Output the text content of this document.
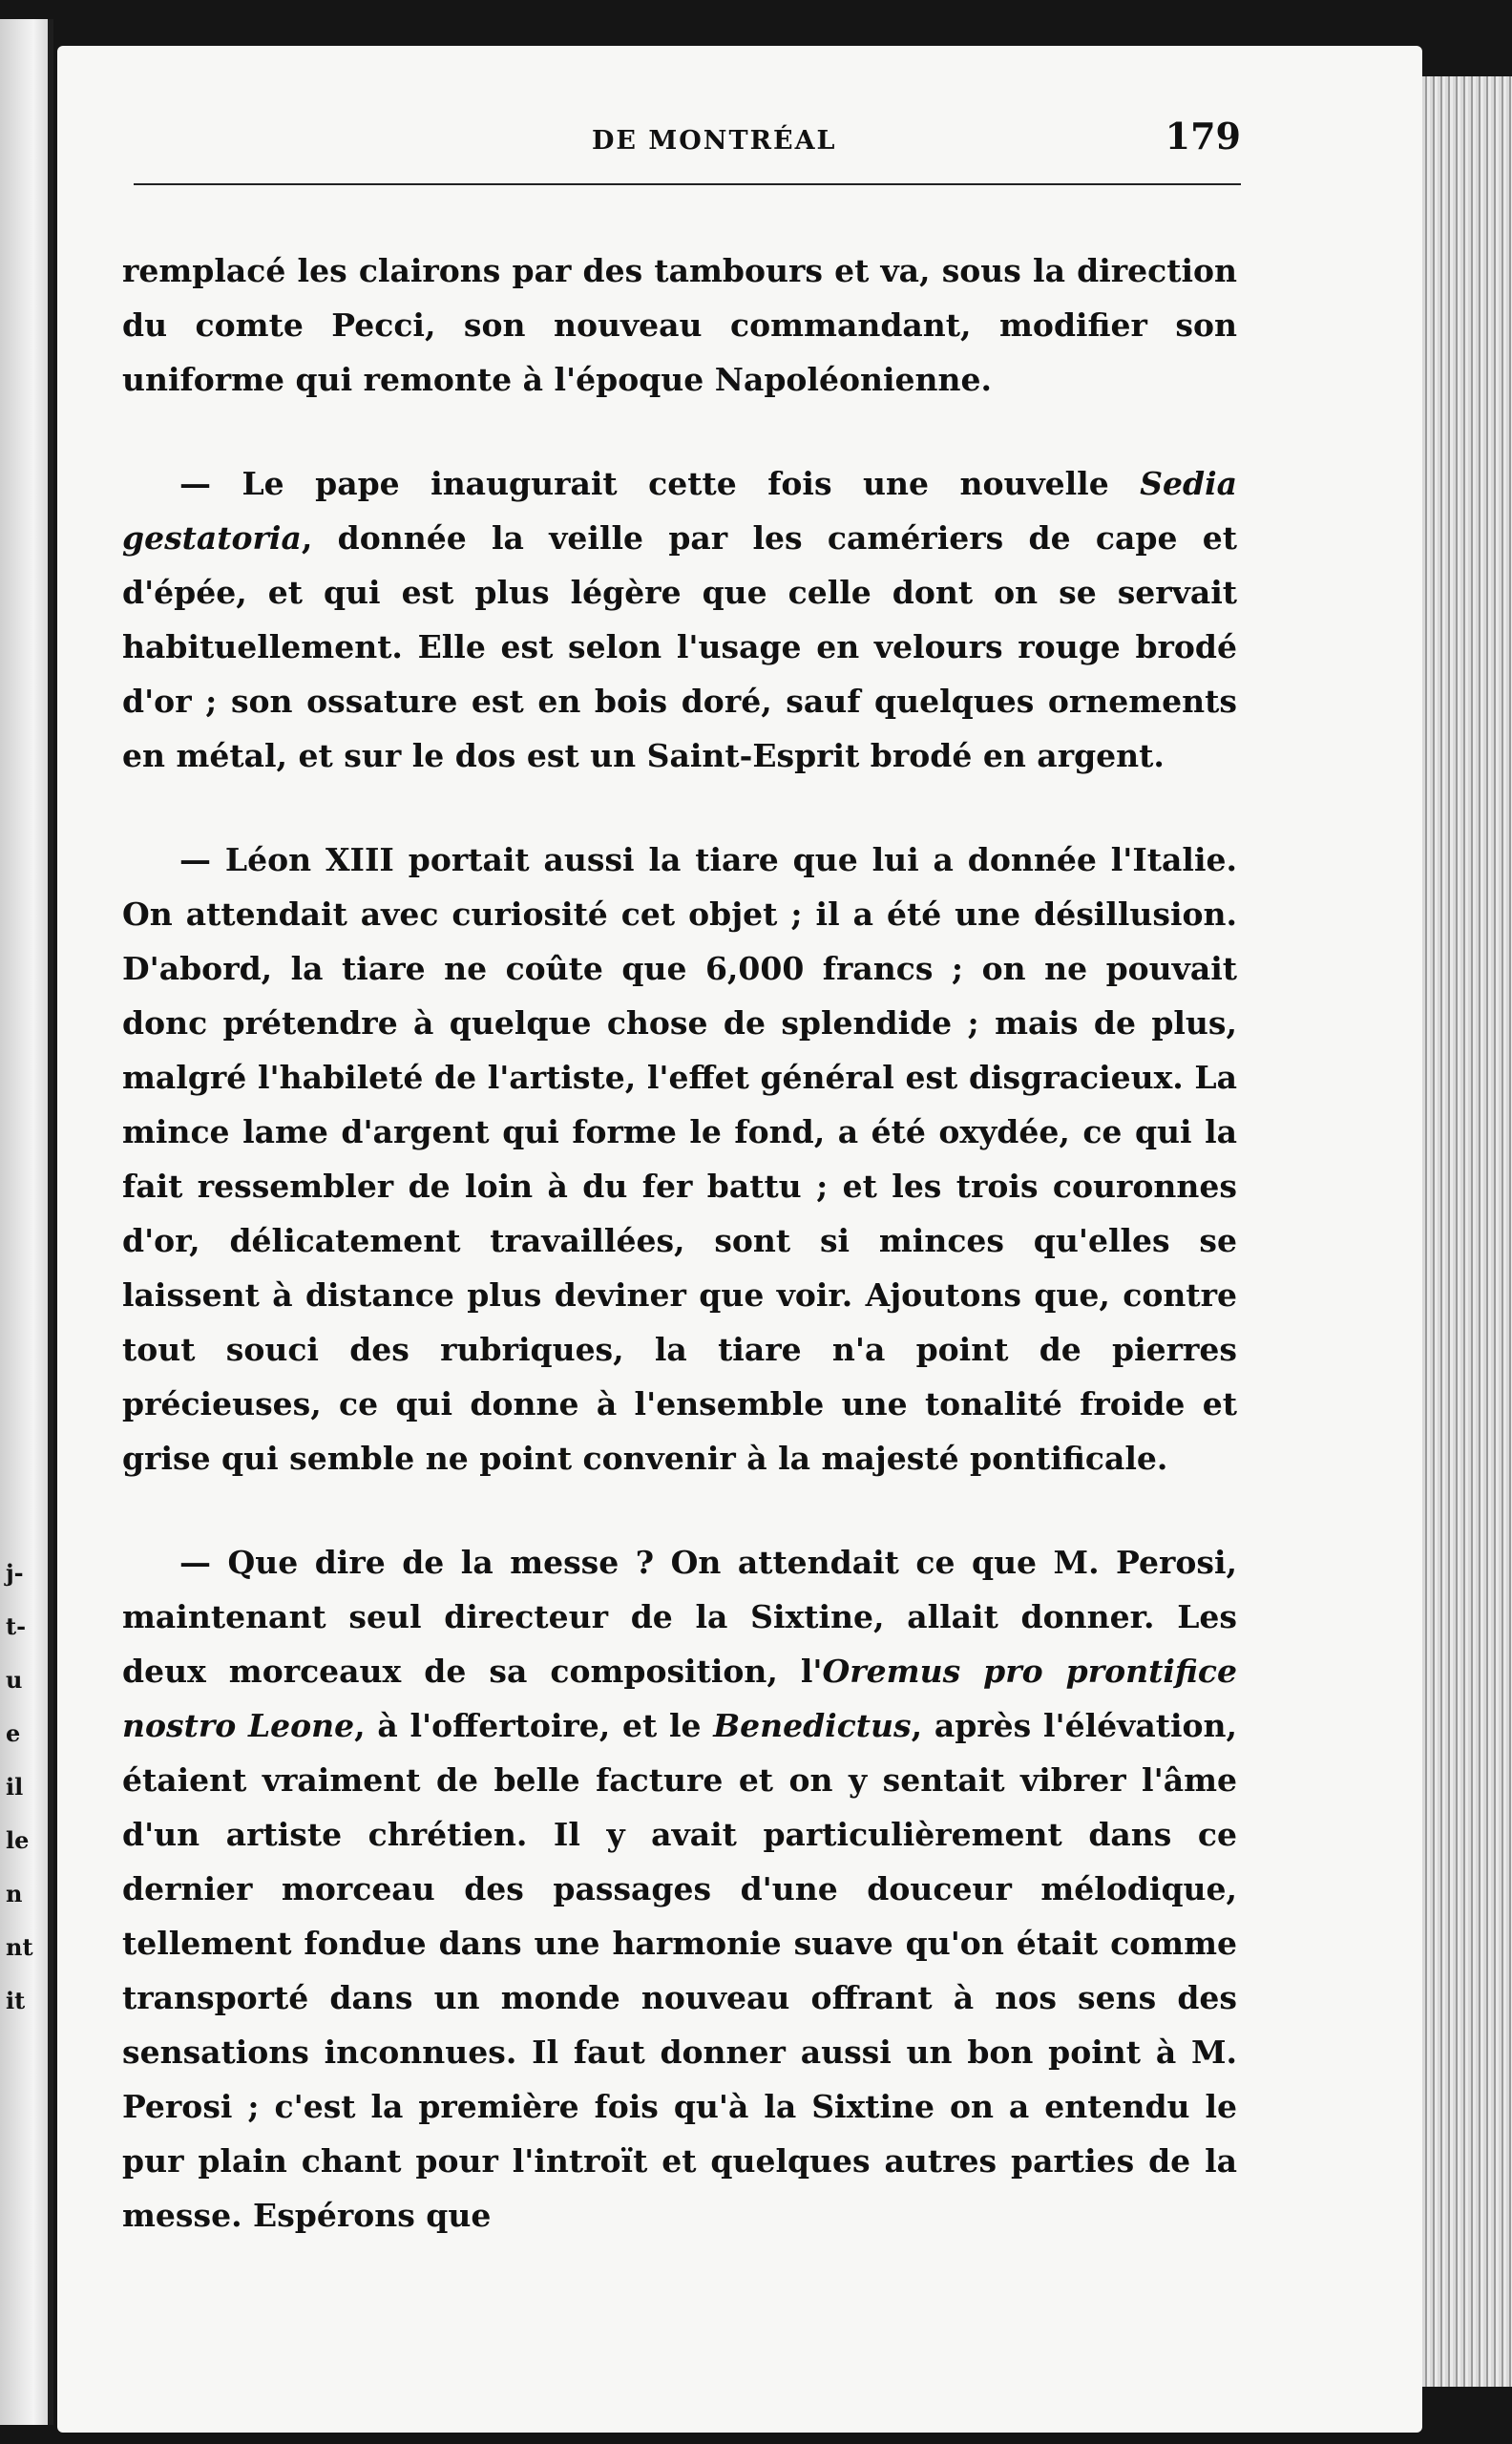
j-
t-
u
e
il
le
n
nt
it
DE MONTRÉAL	179

remplacé les clairons par des tambours et va, sous la direction du comte Pecci, son nouveau commandant, modifier son uniforme qui remonte à l'époque Napoléonienne.

— Le pape inaugurait cette fois une nouvelle Sedia gestatoria, donnée la veille par les camériers de cape et d'épée, et qui est plus légère que celle dont on se servait habituellement. Elle est selon l'usage en velours rouge brodé d'or ; son ossature est en bois doré, sauf quelques ornements en métal, et sur le dos est un Saint-Esprit brodé en argent.

— Léon XIII portait aussi la tiare que lui a donnée l'Italie. On attendait avec curiosité cet objet ; il a été une désillusion. D'abord, la tiare ne coûte que 6,000 francs ; on ne pouvait donc prétendre à quelque chose de splendide ; mais de plus, malgré l'habileté de l'artiste, l'effet général est disgracieux. La mince lame d'argent qui forme le fond, a été oxydée, ce qui la fait ressembler de loin à du fer battu ; et les trois couronnes d'or, délicatement travaillées, sont si minces qu'elles se laissent à distance plus deviner que voir. Ajoutons que, contre tout souci des rubriques, la tiare n'a point de pierres précieuses, ce qui donne à l'ensemble une tonalité froide et grise qui semble ne point convenir à la majesté pontificale.

— Que dire de la messe ? On attendait ce que M. Perosi, maintenant seul directeur de la Sixtine, allait donner. Les deux morceaux de sa composition, l'Oremus pro prontifice nostro Leone, à l'offertoire, et le Benedictus, après l'élévation, étaient vraiment de belle facture et on y sentait vibrer l'âme d'un artiste chrétien. Il y avait particulièrement dans ce dernier morceau des passages d'une douceur mélodique, tellement fondue dans une harmonie suave qu'on était comme transporté dans un monde nouveau offrant à nos sens des sensations inconnues. Il faut donner aussi un bon point à M. Perosi ; c'est la première fois qu'à la Sixtine on a entendu le pur plain chant pour l'introït et quelques autres parties de la messe. Espérons que
